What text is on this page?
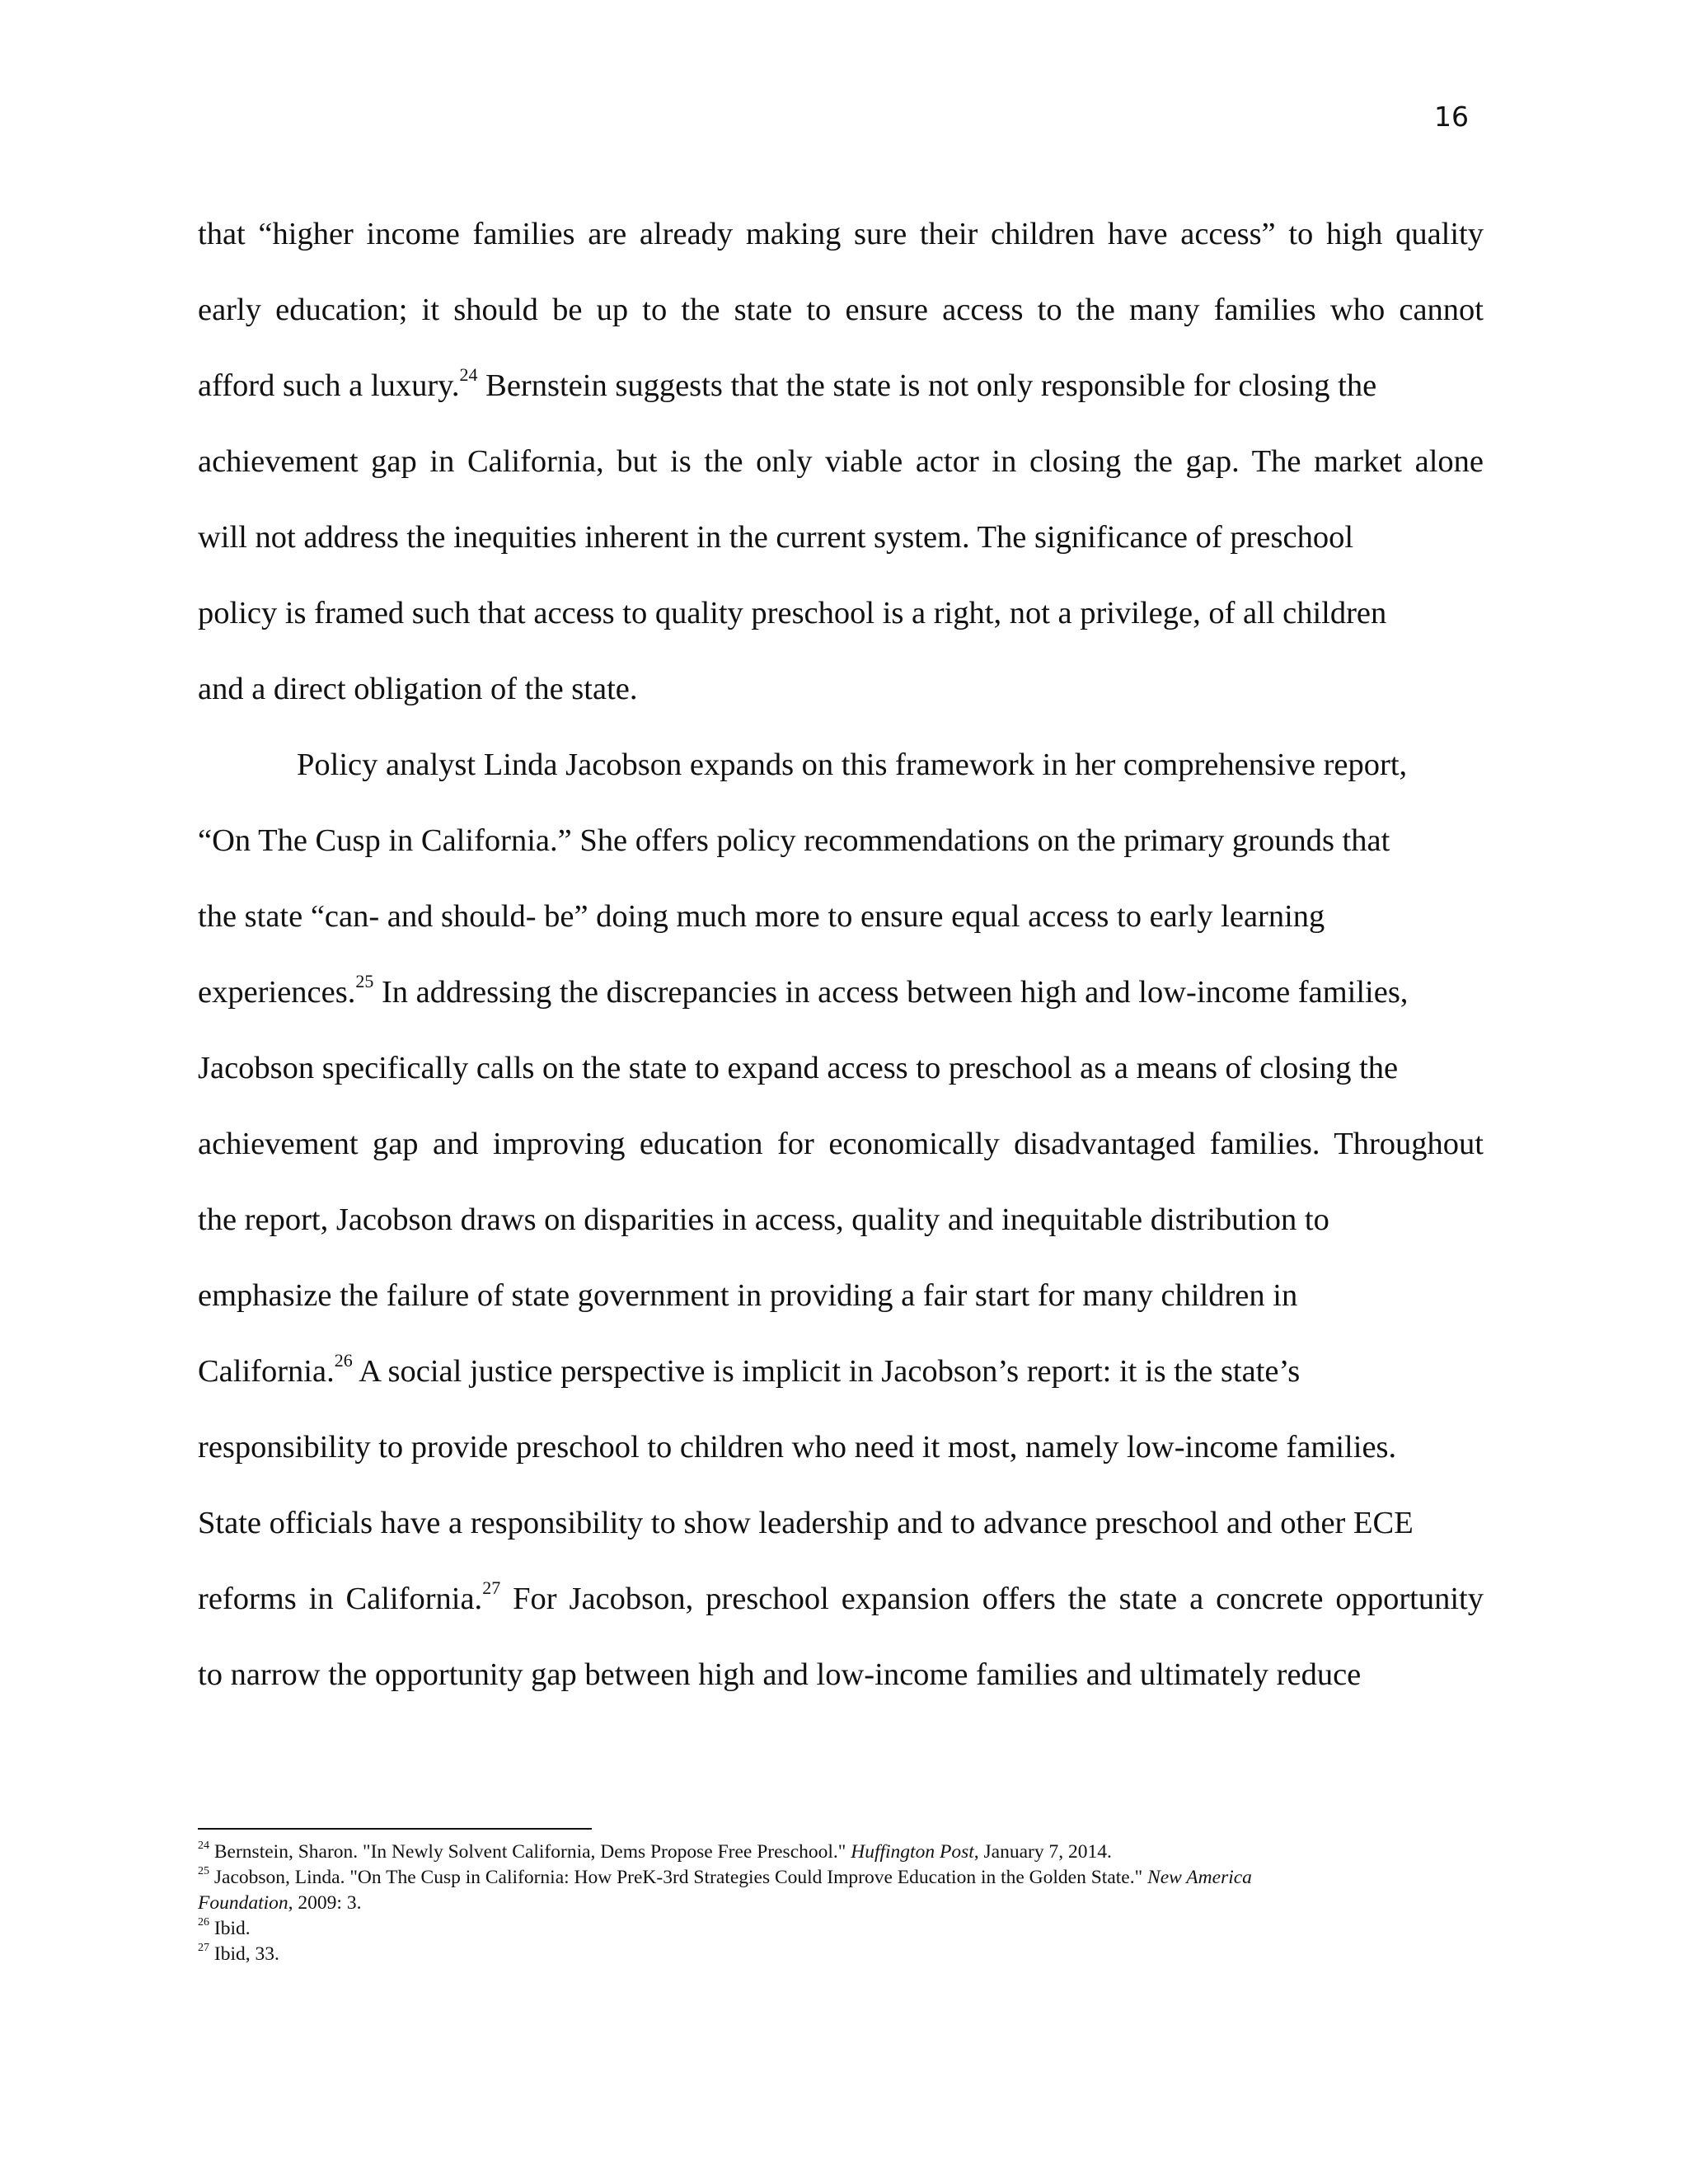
16
that “higher income families are already making sure their children have access” to high quality
early education; it should be up to the state to ensure access to the many families who cannot
afford such a luxury.$^{24}$ Bernstein suggests that the state is not only responsible for closing the
achievement gap in California, but is the only viable actor in closing the gap. The market alone
will not address the inequities inherent in the current system. The significance of preschool
policy is framed such that access to quality preschool is a right, not a privilege, of all children
and a direct obligation of the state.
Policy analyst Linda Jacobson expands on this framework in her comprehensive report,
“On The Cusp in California.” She offers policy recommendations on the primary grounds that
the state “can- and should- be” doing much more to ensure equal access to early learning
experiences.$^{25}$ In addressing the discrepancies in access between high and low-income families,
Jacobson specifically calls on the state to expand access to preschool as a means of closing the
achievement gap and improving education for economically disadvantaged families. Throughout
the report, Jacobson draws on disparities in access, quality and inequitable distribution to
emphasize the failure of state government in providing a fair start for many children in
California.$^{26}$ A social justice perspective is implicit in Jacobson’s report: it is the state’s
responsibility to provide preschool to children who need it most, namely low-income families.
State officials have a responsibility to show leadership and to advance preschool and other ECE
reforms in California.$^{27}$ For Jacobson, preschool expansion offers the state a concrete opportunity
to narrow the opportunity gap between high and low-income families and ultimately reduce
$^{24}$ Bernstein, Sharon. "In Newly Solvent California, Dems Propose Free Preschool." Huffington Post, January 7, 2014.
$^{25}$ Jacobson, Linda. "On The Cusp in California: How PreK-3rd Strategies Could Improve Education in the Golden State." New America
Foundation, 2009: 3.
$^{26}$ Ibid.
$^{27}$ Ibid, 33.
